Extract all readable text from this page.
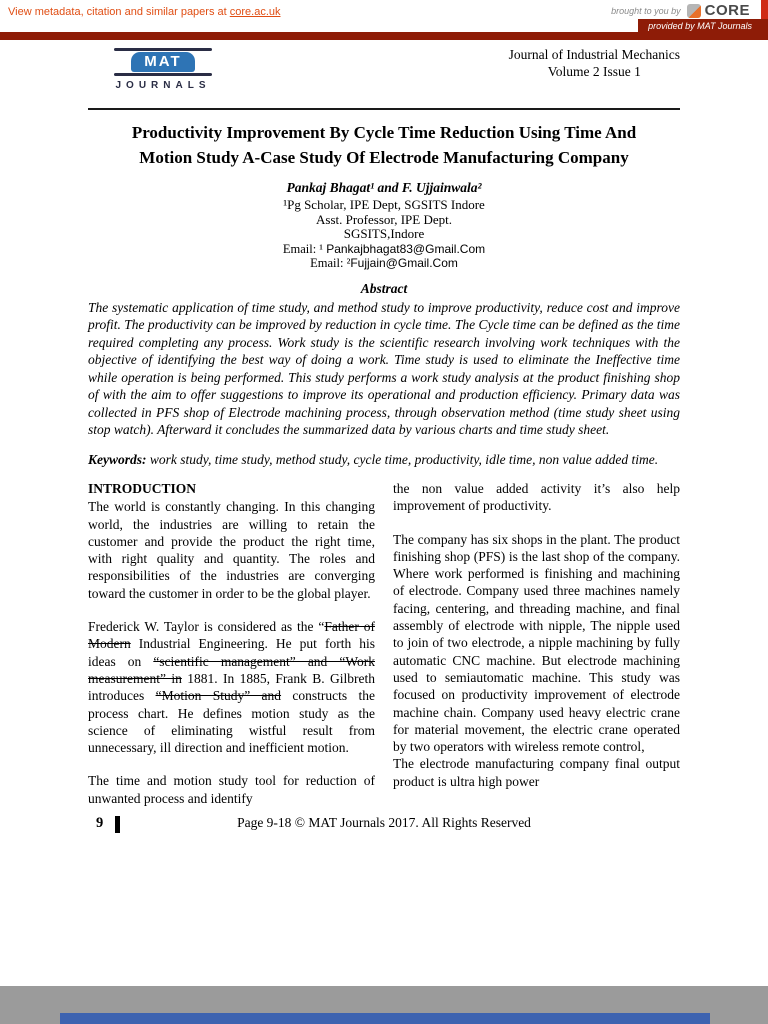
View metadata, citation and similar papers at core.ac.uk	brought to you by CORE
provided by MAT Journals
MAT
JOURNALS
Journal of Industrial Mechanics
Volume 2 Issue 1
Productivity Improvement By Cycle Time Reduction Using Time And Motion Study A-Case Study Of Electrode Manufacturing Company
Pankaj Bhagat¹ and F. Ujjainwala²
¹Pg Scholar, IPE Dept, SGSITS Indore
Asst. Professor, IPE Dept.
SGSITS,Indore
Email: ¹ Pankajbhagat83@Gmail.Com
Email: ²Fujjain@Gmail.Com
Abstract

The systematic application of time study, and method study to improve productivity, reduce cost and improve profit. The productivity can be improved by reduction in cycle time. The Cycle time can be defined as the time required completing any process. Work study is the scientific research involving work techniques with the objective of identifying the best way of doing a work. Time study is used to eliminate the Ineffective time while operation is being performed. This study performs a work study analysis at the product finishing shop of with the aim to offer suggestions to improve its operational and production efficiency. Primary data was collected in PFS shop of Electrode machining process, through observation method (time study sheet using stop watch). Afterward it concludes the summarized data by various charts and time study sheet.

Keywords: work study, time study, method study, cycle time, productivity, idle time, non value added time.

INTRODUCTION

The world is constantly changing. In this changing world, the industries are willing to retain the customer and provide the product the right time, with right quality and quantity. The roles and responsibilities of the industries are converging toward the customer in order to be the global player.

Frederick W. Taylor is considered as the “Father of Modern Industrial Engineering. He put forth his ideas on “scientific management” and “Work measurement” in 1881. In 1885, Frank B. Gilbreth introduces “Motion Study” and constructs the process chart. He defines motion study as the science of eliminating wistful result from unnecessary, ill direction and inefficient motion.

The time and motion study tool for reduction of unwanted process and identify

the non value added activity it’s also help improvement of productivity.

The company has six shops in the plant. The product finishing shop (PFS) is the last shop of the company. Where work performed is finishing and machining of electrode. Company used three machines namely facing, centering, and threading machine, and final assembly of electrode with nipple, The nipple used to join of two electrode, a nipple machining by fully automatic CNC machine. But electrode machining used to semiautomatic machine. This study was focused on productivity improvement of electrode machine chain. Company used heavy electric crane for material movement, the electric crane operated by two operators with wireless remote control,

The electrode manufacturing company final output product is ultra high power

9	Page 9-18 © MAT Journals 2017. All Rights Reserved
